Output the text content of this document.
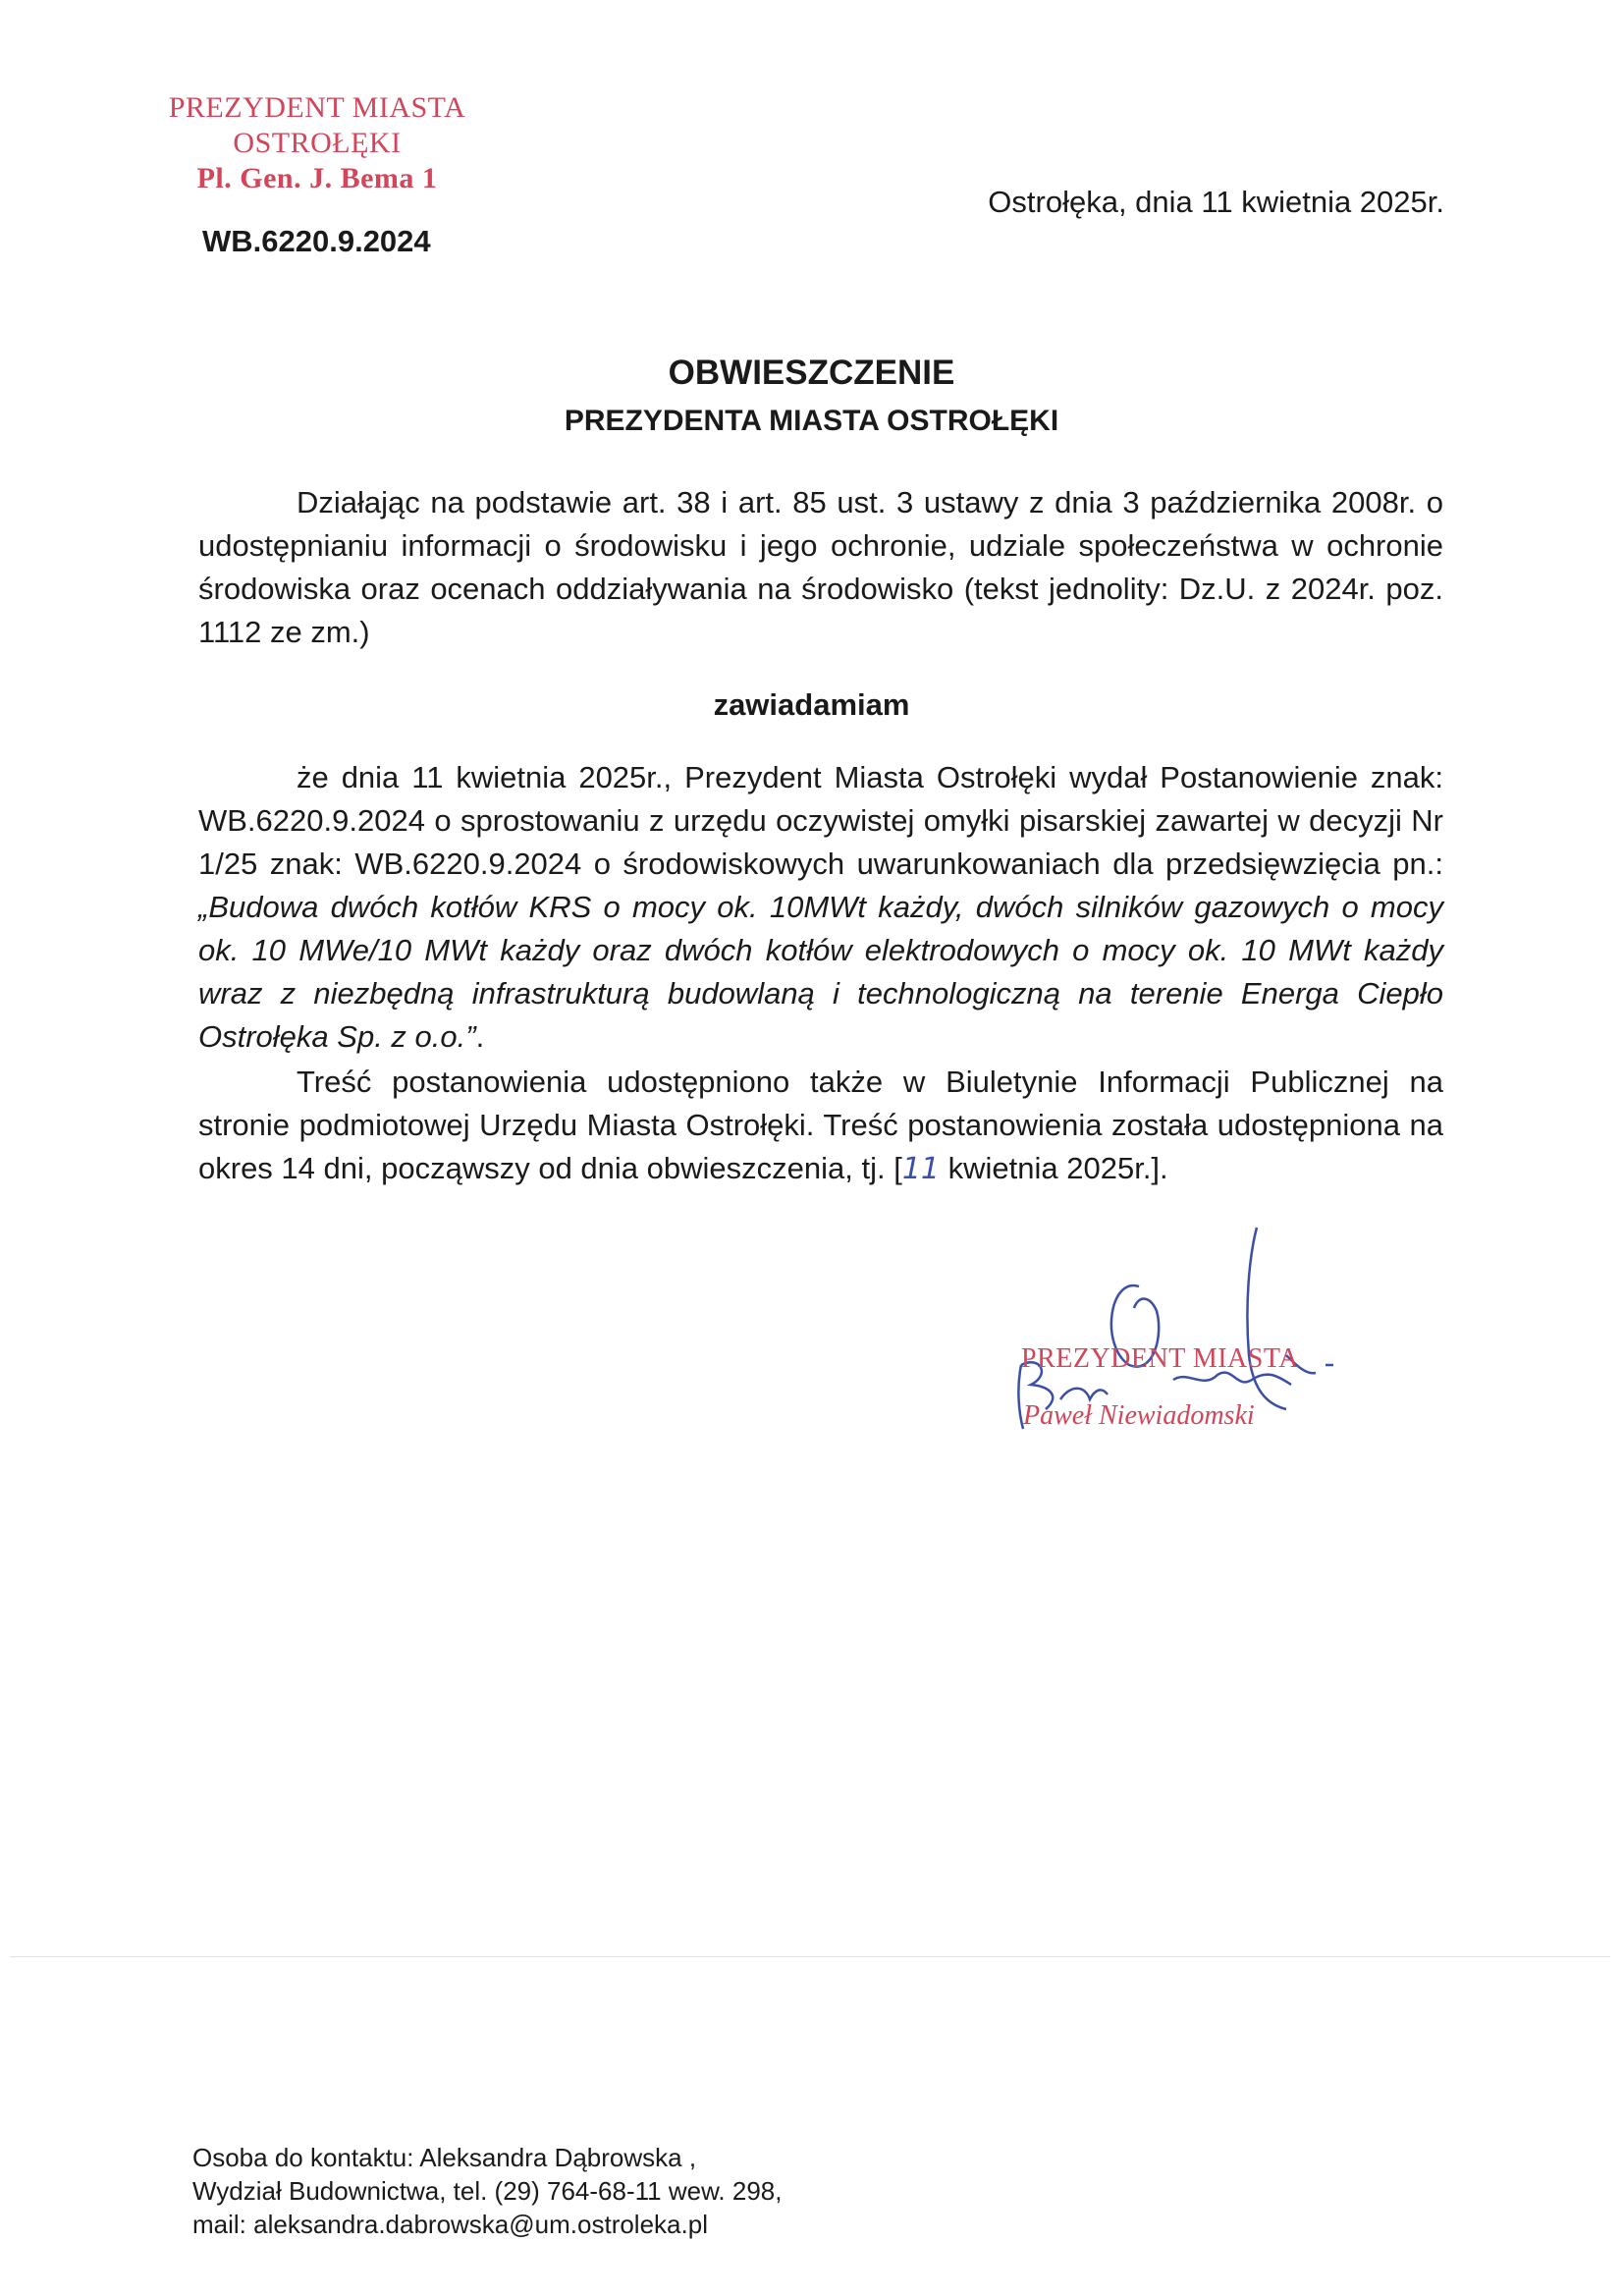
PREZYDENT MIASTA
OSTROŁĘKI
Pl. Gen. J. Bema 1
WB.6220.9.2024
Ostrołęka, dnia 11 kwietnia 2025r.
OBWIESZCZENIE
PREZYDENTA MIASTA OSTROŁĘKI
Działając na podstawie art. 38 i art. 85 ust. 3 ustawy z dnia 3 października 2008r. o udostępnianiu informacji o środowisku i jego ochronie, udziale społeczeństwa w ochronie środowiska oraz ocenach oddziaływania na środowisko (tekst jednolity: Dz.U. z 2024r. poz. 1112 ze zm.)
zawiadamiam
że dnia 11 kwietnia 2025r., Prezydent Miasta Ostrołęki wydał Postanowienie znak: WB.6220.9.2024 o sprostowaniu z urzędu oczywistej omyłki pisarskiej zawartej w decyzji Nr 1/25 znak: WB.6220.9.2024 o środowiskowych uwarunkowaniach dla przedsięwzięcia pn.: „Budowa dwóch kotłów KRS o mocy ok. 10MWt każdy, dwóch silników gazowych o mocy ok. 10 MWe/10 MWt każdy oraz dwóch kotłów elektrodowych o mocy ok. 10 MWt każdy wraz z niezbędną infrastrukturą budowlaną i technologiczną na terenie Energa Ciepło Ostrołęka Sp. z o.o.”.
Treść postanowienia udostępniono także w Biuletynie Informacji Publicznej na stronie podmiotowej Urzędu Miasta Ostrołęki. Treść postanowienia została udostępniona na okres 14 dni, począwszy od dnia obwieszczenia, tj. [11 kwietnia 2025r.].
PREZYDENT MIASTA
Paweł Niewiadomski
Osoba do kontaktu: Aleksandra Dąbrowska ,
Wydział Budownictwa, tel. (29) 764-68-11 wew. 298,
mail: aleksandra.dabrowska@um.ostroleka.pl
